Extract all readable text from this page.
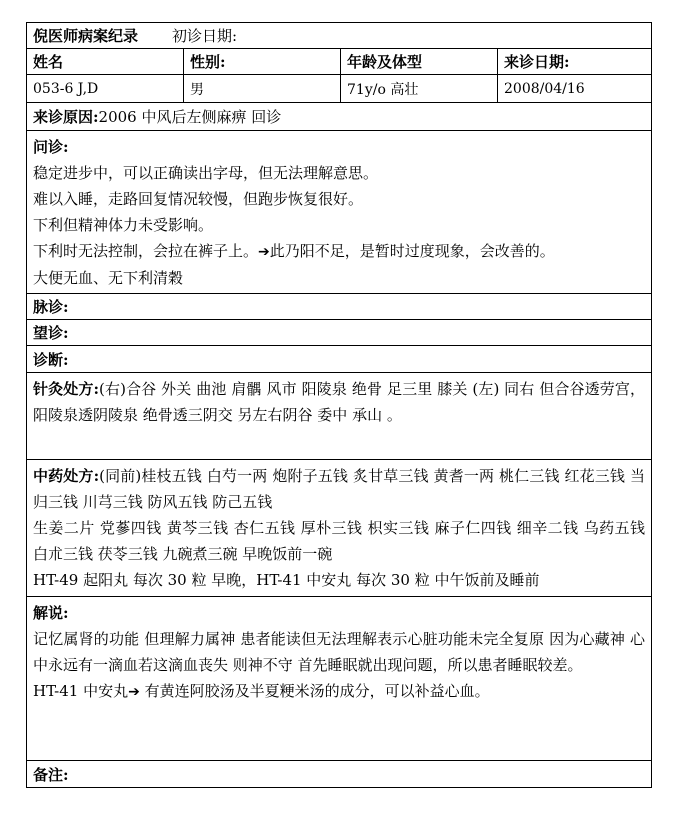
倪医师病案纪录 初诊日期:
姓名	性别:	年龄及体型	来诊日期:
053-6 J,D	男	71y/o 高壮	2008/04/16
来诊原因: 2006 中风后左侧麻痹 回诊
问诊:
稳定进步中，可以正确读出字母，但无法理解意思。
难以入睡，走路回复情况较慢，但跑步恢复很好。
下利但精神体力未受影响。
下利时无法控制，会拉在裤子上。➔此乃阳不足，是暂时过度现象，会改善的。
大便无血、无下利清穀
脉诊:
望诊:
诊断:
针灸处方:(右)合谷 外关 曲池 肩髃 风市 阳陵泉 绝骨 足三里 膝关 (左) 同右 但合谷透劳宫，阳陵泉透阴陵泉 绝骨透三阴交 另左右阴谷 委中 承山 。
中药处方:(同前)桂枝五钱 白芍一两 炮附子五钱 炙甘草三钱 黄耆一两 桃仁三钱 红花三钱 当归三钱 川芎三钱 防风五钱 防己五钱
生姜二片 党蔘四钱 黄芩三钱 杏仁五钱 厚朴三钱 枳实三钱 麻子仁四钱 细辛二钱 乌药五钱 白朮三钱 茯苓三钱 九碗煮三碗 早晚饭前一碗
HT-49 起阳丸 每次 30 粒 早晚，HT-41 中安丸 每次 30 粒 中午饭前及睡前
解说:
记忆属肾的功能 但理解力属神 患者能读但无法理解表示心脏功能未完全复原 因为心藏神 心中永远有一滴血若这滴血丧失 则神不守 首先睡眠就出现问题，所以患者睡眠较差。
HT-41 中安丸➔ 有黄连阿胶汤及半夏粳米汤的成分，可以补益心血。
备注:
